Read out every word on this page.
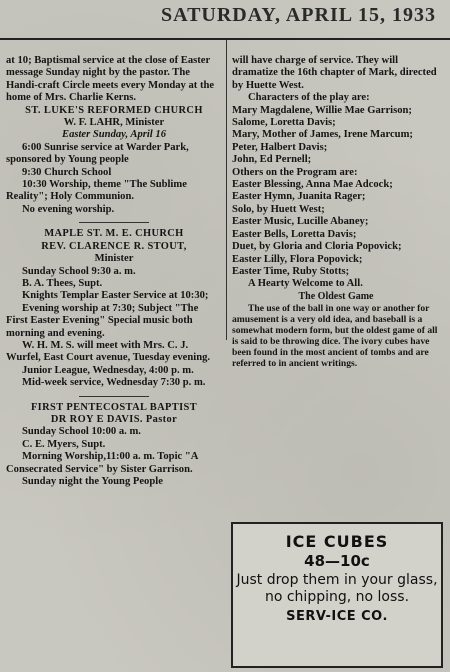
SATURDAY, APRIL 15, 1933

at 10; Baptismal service at the close of Easter message Sunday night by the pastor. The Handi-craft Circle meets every Monday at the home of Mrs. Charlie Kerns.

ST. LUKE'S REFORMED CHURCH

W. F. LAHR, Minister

Easter Sunday, April 16

6:00 Sunrise service at Warder Park, sponsored by Young people

9:30 Church School

10:30 Worship, theme "The Sublime Reality"; Holy Communion.

No evening worship.

MAPLE ST. M. E. CHURCH

REV. CLARENCE R. STOUT,

Minister

Sunday School 9:30 a. m.

B. A. Thees, Supt.

Knights Templar Easter Service at 10:30;

Evening worship at 7:30; Subject "The First Easter Evening" Special music both morning and evening.

W. H. M. S. will meet with Mrs. C. J. Wurfel, East Court avenue, Tuesday evening.

Junior League, Wednesday, 4:00 p. m.

Mid-week service, Wednesday 7:30 p. m.

FIRST PENTECOSTAL BAPTIST

DR ROY E DAVIS. Pastor

Sunday School 10:00 a. m.

C. E. Myers, Supt.

Morning Worship,11:00 a. m. Topic "A Consecrated Service" by Sister Garrison.

Sunday night the Young People

will have charge of service. They will dramatize the 16th chapter of Mark, directed by Huette West.

Characters of the play are:

Mary Magdalene, Willie Mae Garrison;

Salome, Loretta Davis;

Mary, Mother of James, Irene Marcum;

Peter, Halbert Davis;

John, Ed Pernell;

Others on the Program are:

Easter Blessing, Anna Mae Adcock;

Easter Hymn, Juanita Rager;

Solo, by Huett West;

Easter Music, Lucille Abaney;

Easter Bells, Loretta Davis;

Duet, by Gloria and Cloria Popovick;

Easter Lilly, Flora Popovick;

Easter Time, Ruby Stotts;

A Hearty Welcome to All.

The Oldest Game

The use of the ball in one way or another for amusement is a very old idea, and baseball is a somewhat modern form, but the oldest game of all is said to be throwing dice. The ivory cubes have been found in the most ancient of tombs and are referred to in ancient writings.

ICE CUBES
48—10c
Just drop them in your glass, no chipping, no loss.
SERV-ICE CO.
